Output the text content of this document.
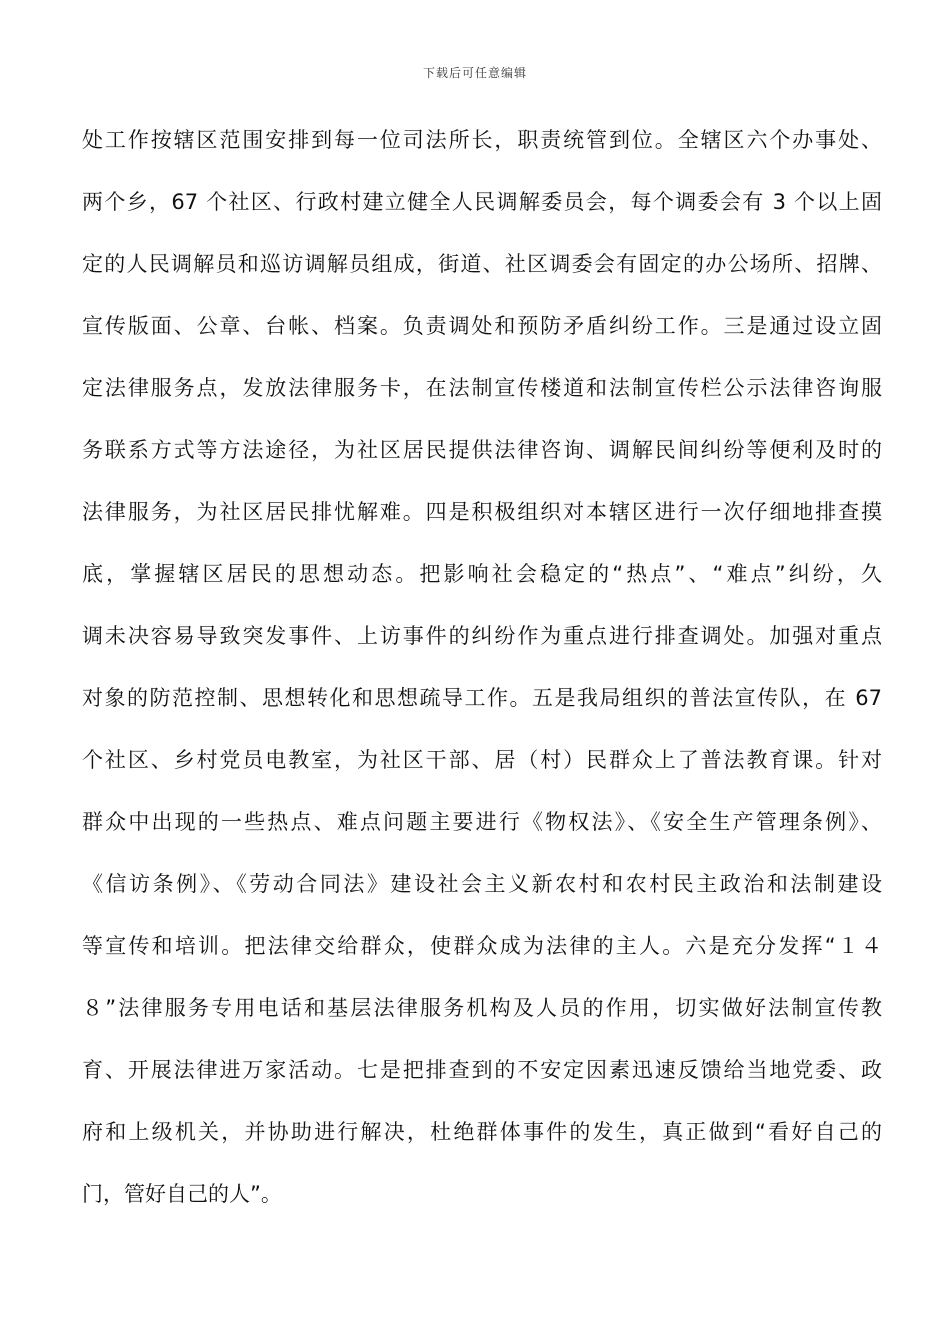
下载后可任意编辑
处工作按辖区范围安排到每一位司法所长，职责统管到位。全辖区六个办事处、
两个乡，67 个社区、行政村建立健全人民调解委员会，每个调委会有 3 个以上固
定的人民调解员和巡访调解员组成，街道、社区调委会有固定的办公场所、招牌、
宣传版面、公章、台帐、档案。负责调处和预防矛盾纠纷工作。三是通过设立固
定法律服务点，发放法律服务卡，在法制宣传楼道和法制宣传栏公示法律咨询服
务联系方式等方法途径，为社区居民提供法律咨询、调解民间纠纷等便利及时的
法律服务，为社区居民排忧解难。四是积极组织对本辖区进行一次仔细地排查摸
底，掌握辖区居民的思想动态。把影响社会稳定的“热点”、“难点”纠纷，久
调未决容易导致突发事件、上访事件的纠纷作为重点进行排查调处。加强对重点
对象的防范控制、思想转化和思想疏导工作。五是我局组织的普法宣传队，在 67
个社区、乡村党员电教室，为社区干部、居（村）民群众上了普法教育课。针对
群众中出现的一些热点、难点问题主要进行《物权法》、《安全生产管理条例》、
《信访条例》、《劳动合同法》建设社会主义新农村和农村民主政治和法制建设
等宣传和培训。把法律交给群众，使群众成为法律的主人。六是充分发挥“１４
８”法律服务专用电话和基层法律服务机构及人员的作用，切实做好法制宣传教
育、开展法律进万家活动。七是把排查到的不安定因素迅速反馈给当地党委、政
府和上级机关，并协助进行解决，杜绝群体事件的发生，真正做到“看好自己的
门，管好自己的人”。
